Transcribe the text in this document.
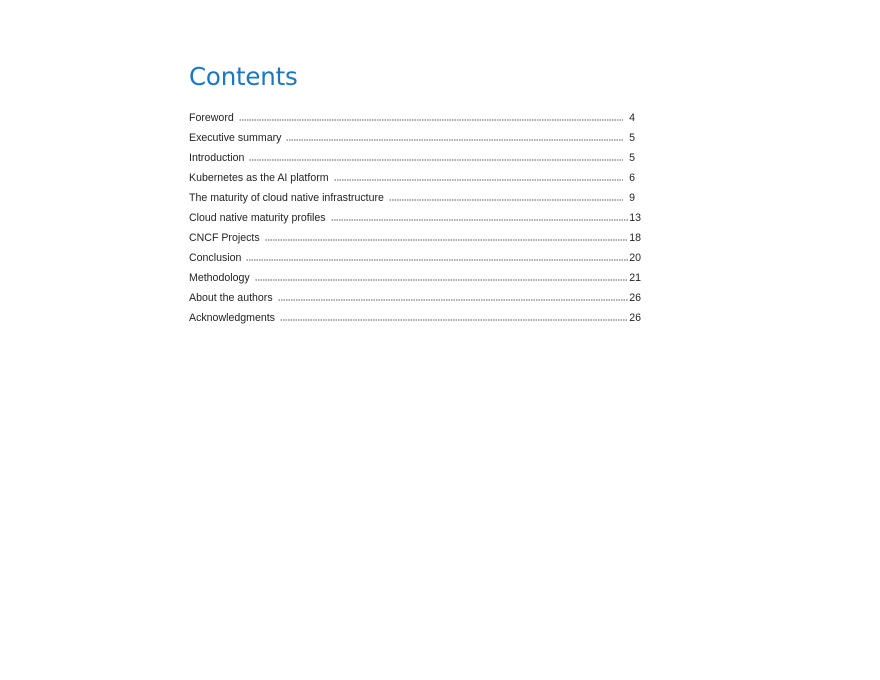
Contents
Foreword	4
Executive summary	5
Introduction	5
Kubernetes as the AI platform	6
The maturity of cloud native infrastructure	9
Cloud native maturity profiles	13
CNCF Projects	18
Conclusion	20
Methodology	21
About the authors	26
Acknowledgments	26
